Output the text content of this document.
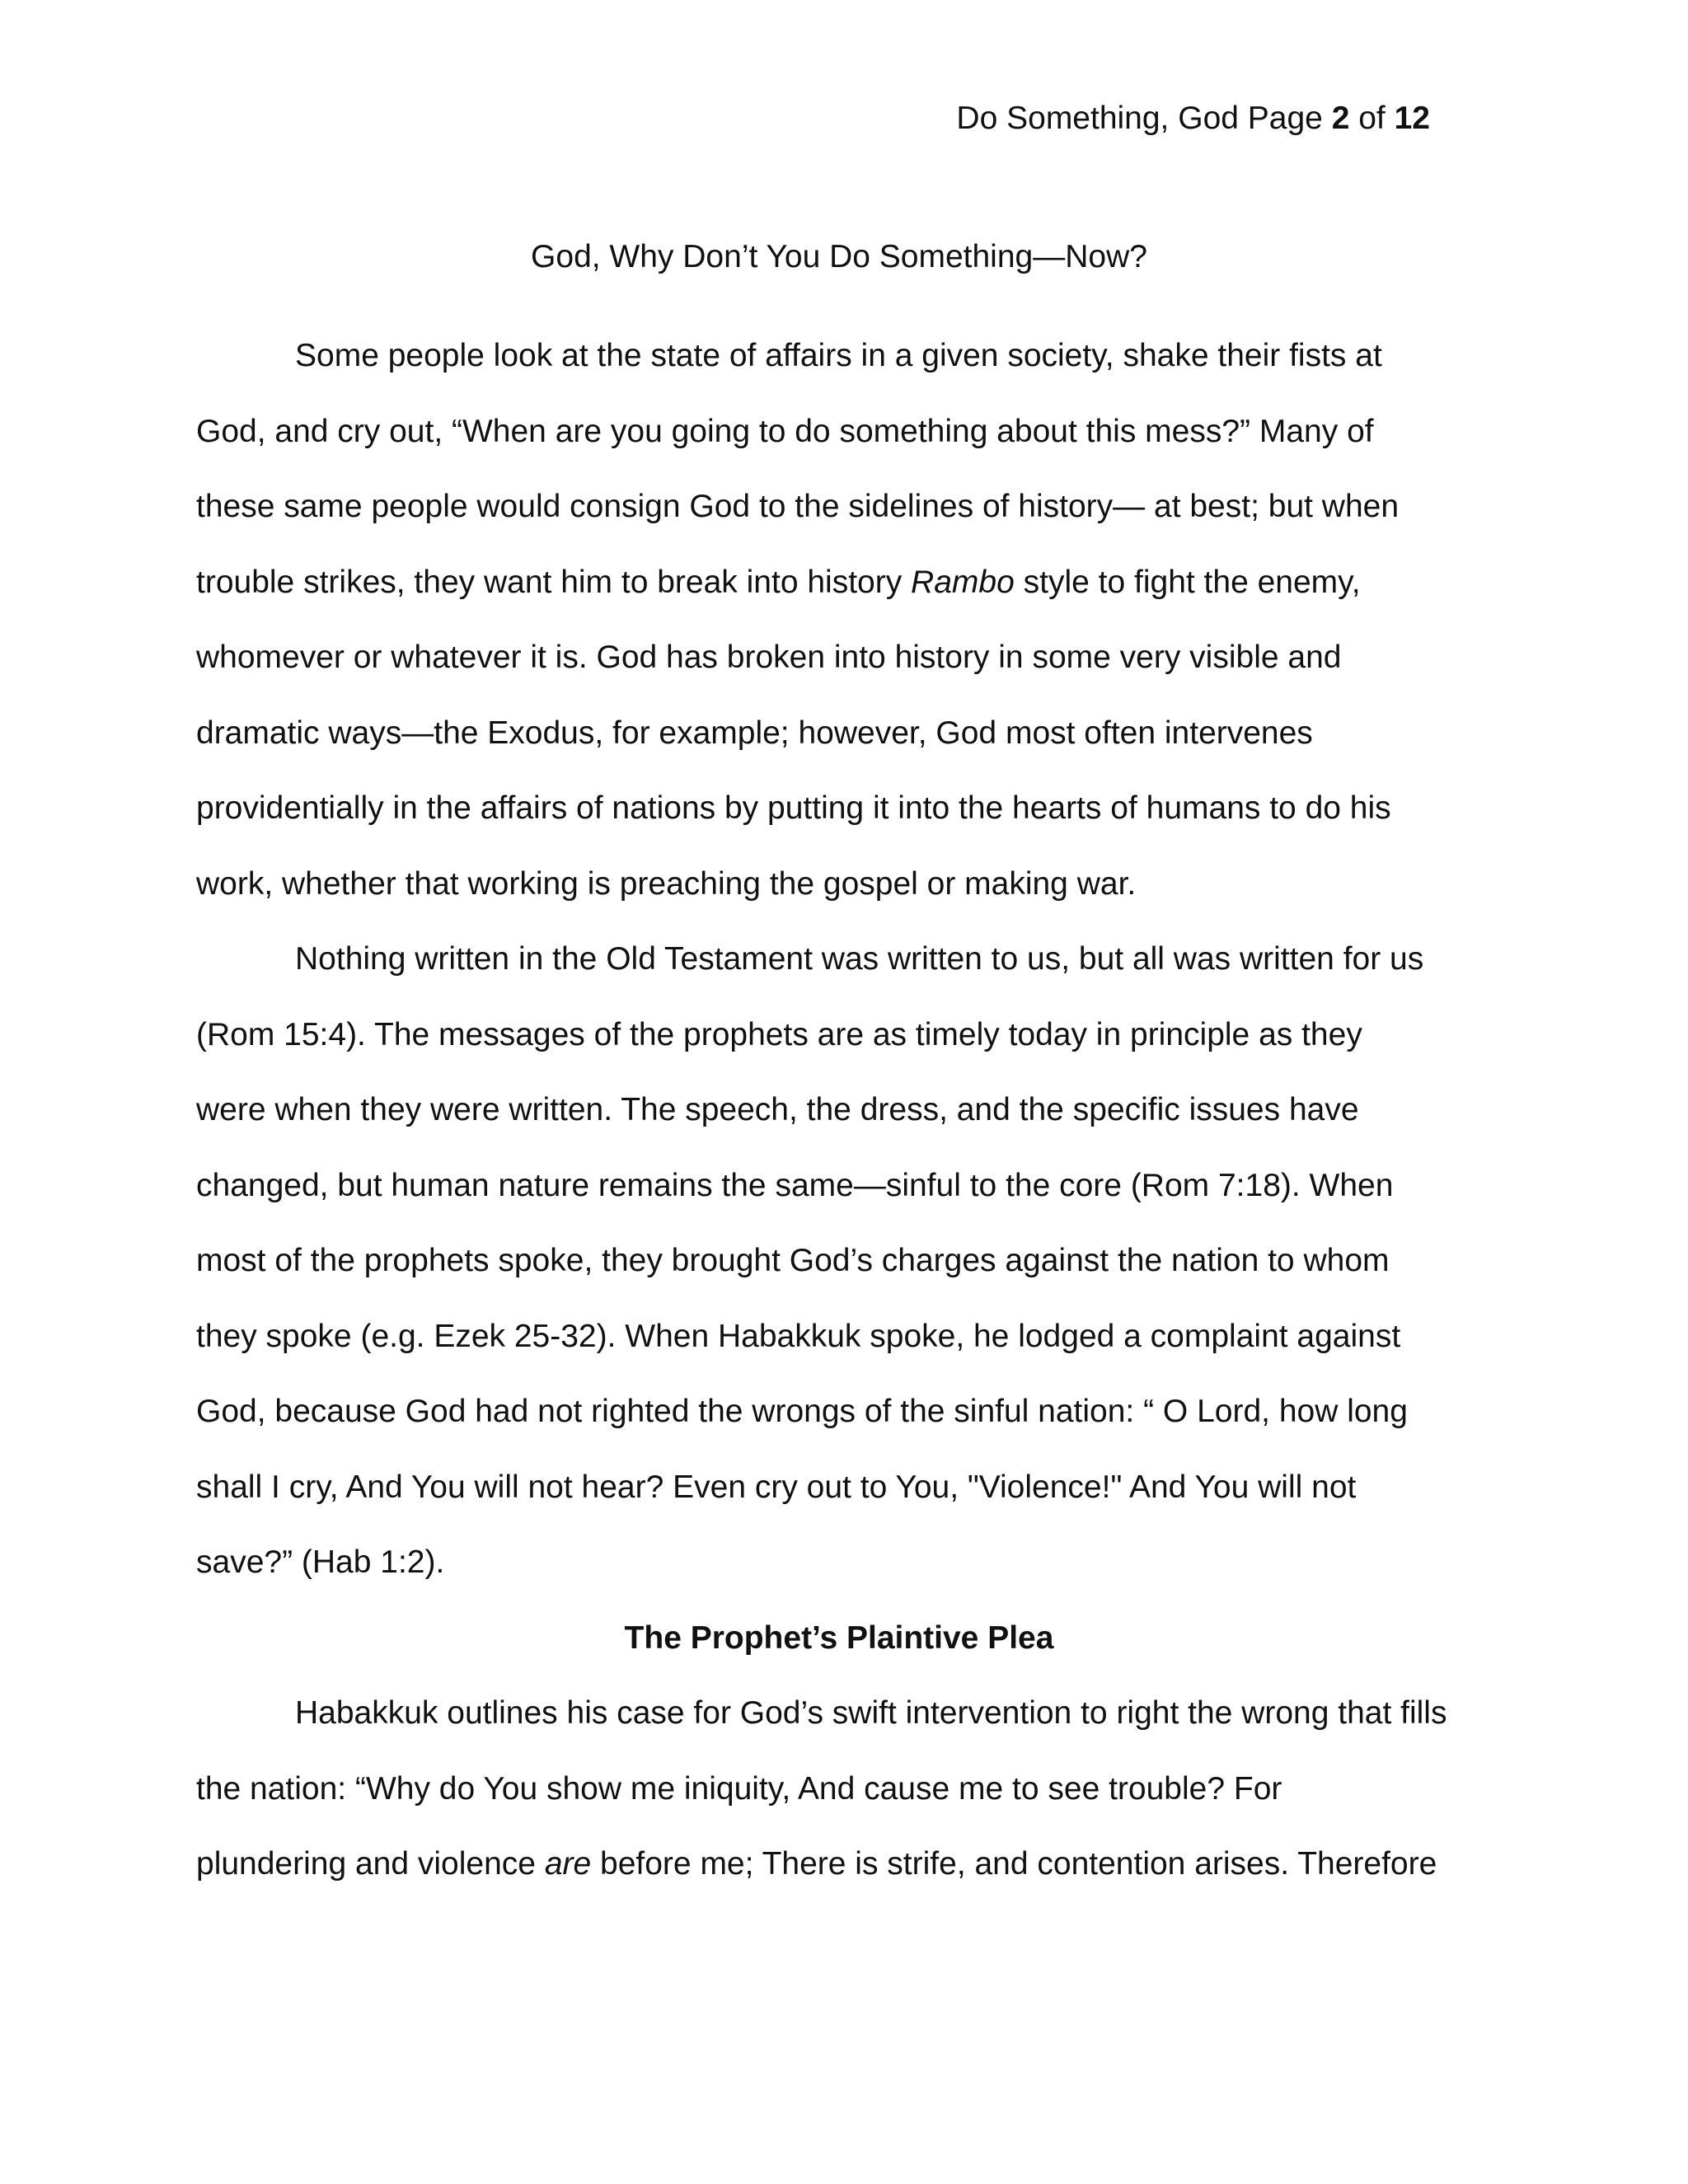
Do Something, God Page 2 of 12
God, Why Don’t You Do Something—Now?
Some people look at the state of affairs in a given society, shake their fists at
God, and cry out, “When are you going to do something about this mess?” Many of
these same people would consign God to the sidelines of history— at best; but when
trouble strikes, they want him to break into history Rambo style to fight the enemy,
whomever or whatever it is. God has broken into history in some very visible and
dramatic ways—the Exodus, for example; however, God most often intervenes
providentially in the affairs of nations by putting it into the hearts of humans to do his
work, whether that working is preaching the gospel or making war.
Nothing written in the Old Testament was written to us, but all was written for us
(Rom 15:4). The messages of the prophets are as timely today in principle as they
were when they were written. The speech, the dress, and the specific issues have
changed, but human nature remains the same—sinful to the core (Rom 7:18). When
most of the prophets spoke, they brought God’s charges against the nation to whom
they spoke (e.g. Ezek 25-32). When Habakkuk spoke, he lodged a complaint against
God, because God had not righted the wrongs of the sinful nation: “ O Lord, how long
shall I cry, And You will not hear? Even cry out to You, "Violence!" And You will not
save?” (Hab 1:2).
The Prophet’s Plaintive Plea
Habakkuk outlines his case for God’s swift intervention to right the wrong that fills
the nation: “Why do You show me iniquity, And cause me to see trouble? For
plundering and violence are before me; There is strife, and contention arises. Therefore
